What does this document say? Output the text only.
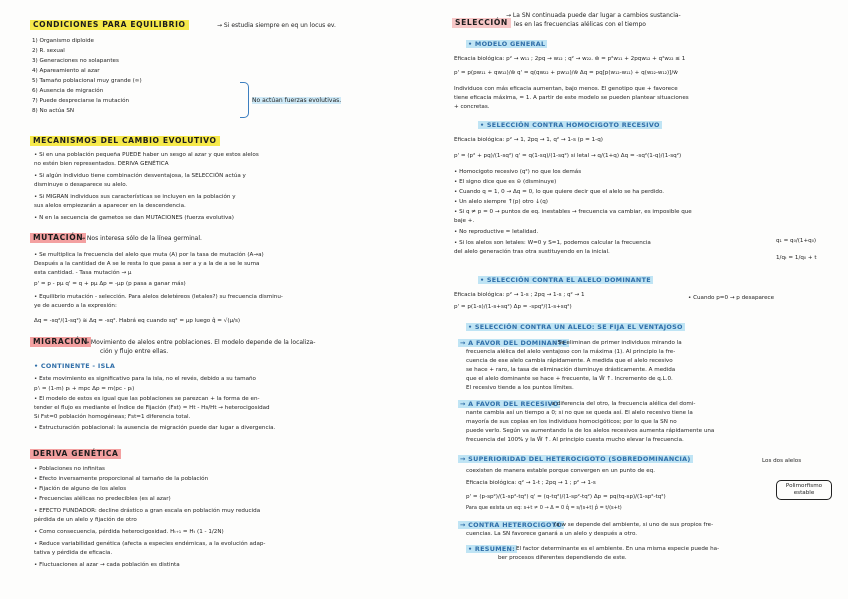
CONDICIONES PARA EQUILIBRIO	→ Si estudia siempre en eq un locus ev.
1) Organismo diploide
2) R. sexual
3) Generaciones no solapantes
4) Apareamiento al azar
5) Tamaño poblacional muy grande (∞)
6) Ausencia de migración
7) Puede despreciarse la mutación
8) No actúa SN
No actúan fuerzas evolutivas.
MECANISMOS DEL CAMBIO EVOLUTIVO
• Si en una población pequeña PUEDE haber un sesgo al azar y que estos alelos
no estén bien representados. DERIVA GENÉTICA
• Si algún individuo tiene combinación desventajosa, la SELECCIÓN actúa y
disminuye o desaparece su alelo.
• Si MIGRAN individuos sus características se incluyen en la población y
sus alelos empiezarán a aparecer en la descendencia.
• N en la secuencia de gametos se dan MUTACIONES (fuerza evolutiva)
MUTACIÓN
→ Nos interesa sólo de la línea germinal.
• Se multiplica la frecuencia del alelo que muta (A) por la tasa de mutación (A→a)
Después a la cantidad de A se le resta lo que pasa a ser a y a la de a se le suma
esta cantidad. - Tasa mutación → μ
p' = p - pμ q' = q + pμ Δp = -μp (p pasa a ganar más)
• Equilibrio mutación - selección. Para alelos deletéreos (letales?) su frecuencia disminu-
ye de acuerdo a la expresión:
Δq = -sq²/(1-sq²) ≅ Δq = -sq². Habrá eq cuando sq² = μp luego q̂ = √(μ/s)
MIGRACIÓN
→ Movimiento de alelos entre poblaciones. El modelo depende de la localiza-
ción y flujo entre ellas.
• CONTINENTE - ISLA
• Este movimiento es significativo para la isla, no el revés, debido a su tamaño
p'ᵢ = (1-m) pᵢ + mpc Δp = m(pc - pᵢ)
• El modelo de estos es igual que las poblaciones se parezcan + la forma de en-
tender el flujo es mediante el Índice de Fijación (Fst) = Ht - Hs/Ht → heterocigosidad
Si Fst=0 población homogéneas; Fst=1 diferencia total.
• Estructuración poblacional: la ausencia de migración puede dar lugar a divergencia.
DERIVA GENÉTICA
• Poblaciones no infinitas
• Efecto inversamente proporcional al tamaño de la población
• Fijación de alguno de los alelos
• Frecuencias alélicas no predecibles (es al azar)
• EFECTO FUNDADOR: decline drástico a gran escala en población muy reducida
pérdida de un alelo y fijación de otro
• Como consecuencia, pérdida heterocigosidad. Hₜ₊₁ = Hₜ (1 - 1/2N)
• Reduce variabilidad genética (afecta a especies endémicas, a la evolución adap-
tativa y pérdida de eficacia.
• Fluctuaciones al azar → cada población es distinta
SELECCIÓN
→ La SN continuada puede dar lugar a cambios sustancia-
les en las frecuencias alélicas con el tiempo
• MODELO GENERAL
Eficacia biológica: p² → w₁₁ ; 2pq → w₁₂ ; q² → w₂₂. w̄ = p²w₁₁ + 2pqw₁₂ + q²w₂₂ ≤ 1
p' = p(pw₁₁ + qw₁₂)/w̄ q' = q(qw₂₂ + pw₁₂)/w̄ Δq = pq[p(w₁₂-w₁₁) + q(w₂₂-w₁₂)]/w̄
Individuos con más eficacia aumentan, bajo menos. El genotipo que + favorece
tiene eficacia máxima, = 1. A partir de este modelo se pueden plantear situaciones
+ concretas.
• SELECCIÓN CONTRA HOMOCIGOTO RECESIVO
Eficacia biológica: p² → 1, 2pq → 1, q² → 1-s (p = 1-q)
p' = (p² + pq)/(1-sq²) q' = q(1-sq)/(1-sq²) si letal → q/(1+q) Δq = -sq²(1-q)/(1-sq²)
• Homocigoto recesivo (q²) no que los demás
• El signo dice que es ⊝ (disminuye)
• Cuando q = 1, 0 → Δq = 0, lo que quiere decir que el alelo se ha perdido.
• Un alelo siempre ↑(p) otro ↓(q)
• Si q ≠ p = 0 → puntos de eq. inestables → frecuencia va cambiar, es imposible que
baje +.
• No reproductive = letalidad.
• Si los alelos son letales: W=0 y S=1, podemos calcular la frecuencia
del alelo generación tras otra sustituyendo en la inicial.
q₁ = q₀/(1+q₀)
1/qₜ = 1/q₀ + t
• SELECCIÓN CONTRA EL ALELO DOMINANTE
Eficacia biológica: p² → 1-s ; 2pq → 1-s ; q² → 1
p' = p(1-s)/(1-s+sq²) Δp = -spq²/(1-s+sq²)
• Cuando p=0 → p desaparece
• SELECCIÓN CONTRA UN ALELO: SE FIJA EL VENTAJOSO
→ A FAVOR DEL DOMINANTE
: Se eliminan de primer individuos mirando la
frecuencia alélica del alelo ventajoso con la máxima (1). Al principio la fre-
cuencia de ese alelo cambia rápidamente. A medida que el alelo recesivo
se hace + raro, la tasa de eliminación disminuye drásticamente. A medida
que el alelo dominante se hace + frecuente, la W̄ ↑. Incremento de q.L.0.
El recesivo tiende a los puntos límites.
→ A FAVOR DEL RECESIVO
: a diferencia del otro, la frecuencia alélica del domi-
nante cambia así un tiempo a 0; si no que se queda así. El alelo recesivo tiene la
mayoría de sus copias en los individuos homocigóticos; por lo que la SN no
puede verlo. Según va aumentando la de los alelos recesivos aumenta rápidamente una
frecuencia del 100% y la W̄ ↑. Al principio cuesta mucho elevar la frecuencia.
→ SUPERIORIDAD DEL HETEROCIGOTO (SOBREDOMINANCIA)	Los dos alelos
coexisten de manera estable porque convergen en un punto de eq.
Eficacia biológica: q² → 1-t ; 2pq → 1 ; p² → 1-s
p' = (p-sp²)/(1-sp²-tq²) q' = (q-tq²)/(1-sp²-tq²) Δp = pq(tq-sp)/(1-sp²-tq²)
Para que exista un eq: s+t ≠ 0 → Δ = 0 q̂ = s/(s+t) p̂ = t/(s+t)
Polimorfismo estable
→ CONTRA HETEROCIGOTO
(a w se depende del ambiente, si uno de sus propios fre-
cuencias. La SN favorece ganará a un alelo y después a otro.
• RESUMEN: El factor determinante es el ambiente. En una misma especie puede ha-
ber procesos diferentes dependiendo de este.
